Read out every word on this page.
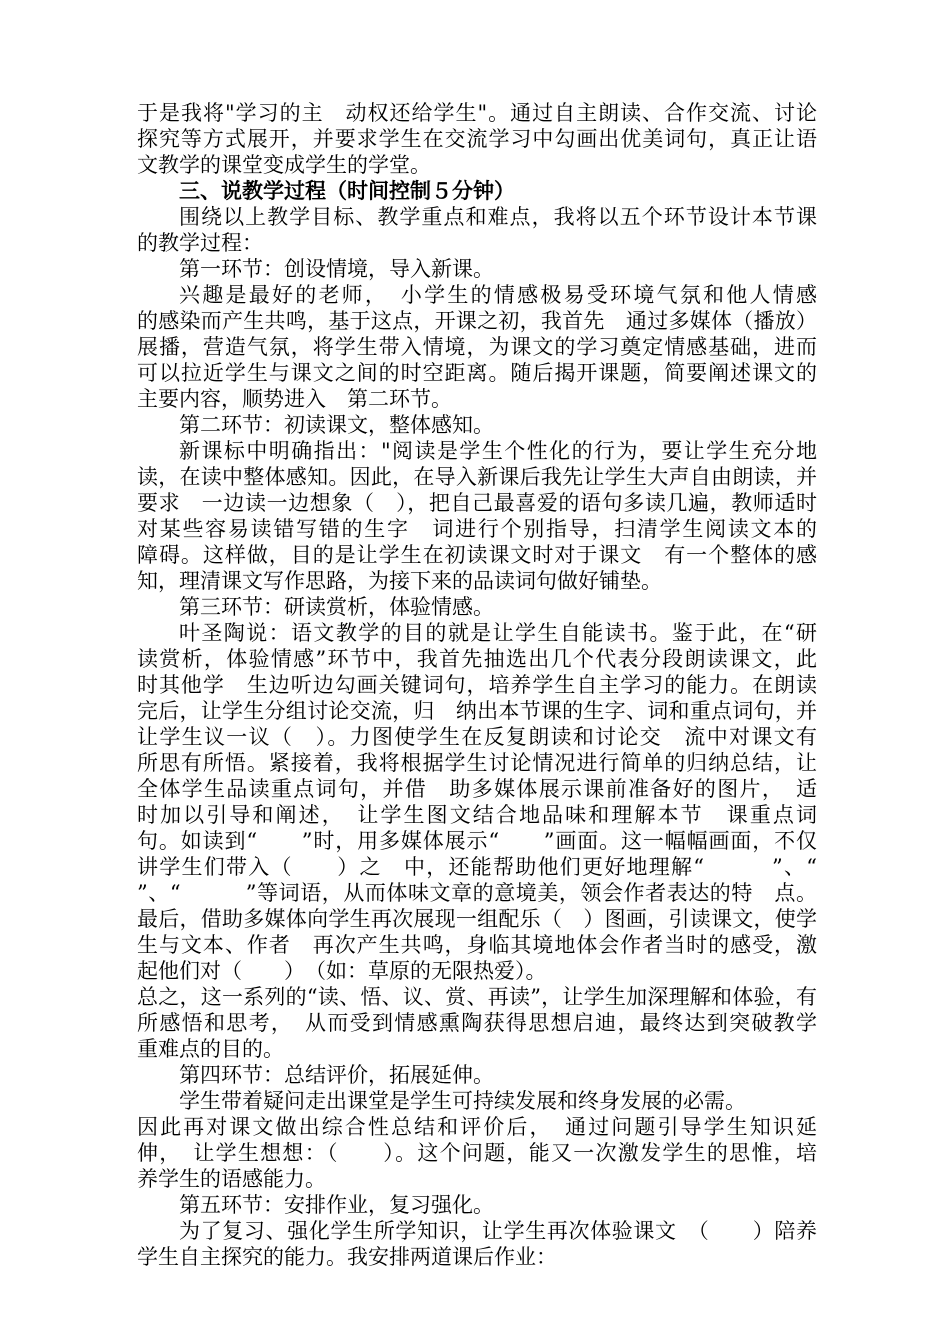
于是我将"学习的主　动权还给学生"。通过自主朗读、合作交流、讨论
探究等方式展开，并要求学生在交流学习中勾画出优美词句，真正让语
文教学的课堂变成学生的学堂。
三、说教学过程（时间控制５分钟）
围绕以上教学目标、教学重点和难点，我将以五个环节设计本节课
的教学过程：
第一环节：创设情境，导入新课。
兴趣是最好的老师，　小学生的情感极易受环境气氛和他人情感
的感染而产生共鸣，基于这点，开课之初，我首先　通过多媒体（播放）
展播，营造气氛，将学生带入情境，为课文的学习奠定情感基础，进而
可以拉近学生与课文之间的时空距离。随后揭开课题，简要阐述课文的
主要内容，顺势进入　第二环节。
第二环节：初读课文，整体感知。
新课标中明确指出："阅读是学生个性化的行为，要让学生充分地
读，在读中整体感知。因此，在导入新课后我先让学生大声自由朗读，并
要求　一边读一边想象（　），把自己最喜爱的语句多读几遍，教师适时
对某些容易读错写错的生字　词进行个别指导，扫清学生阅读文本的
障碍。这样做，目的是让学生在初读课文时对于课文　有一个整体的感
知，理清课文写作思路，为接下来的品读词句做好铺垫。
第三环节：研读赏析，体验情感。
叶圣陶说：语文教学的目的就是让学生自能读书。鉴于此，在“研
读赏析，体验情感”环节中，我首先抽选出几个代表分段朗读课文，此
时其他学　生边听边勾画关键词句，培养学生自主学习的能力。在朗读
完后，让学生分组讨论交流，归　纳出本节课的生字、词和重点词句，并
让学生议一议（　）。力图使学生在反复朗读和讨论交　流中对课文有
所思有所悟。紧接着，我将根据学生讨论情况进行简单的归纳总结，让
全体学生品读重点词句，并借　助多媒体展示课前准备好的图片，　适
时加以引导和阐述，　让学生图文结合地品味和理解本节　课重点词
句。如读到“　　”时，用多媒体展示“　　”画面。这一幅幅画面，不仅
讲学生们带入（　　）之　中，还能帮助他们更好地理解“　　　”、“
”、“　　　”等词语，从而体味文章的意境美，领会作者表达的特　点。
最后，借助多媒体向学生再次展现一组配乐（　）图画，引读课文，使学
生与文本、作者　再次产生共鸣，身临其境地体会作者当时的感受，激
起他们对（　　）　（如：草原的无限热爱）。
总之，这一系列的“读、悟、议、赏、再读”，让学生加深理解和体验，有
所感悟和思考，　从而受到情感熏陶获得思想启迪，最终达到突破教学
重难点的目的。
第四环节：总结评价，拓展延伸。
学生带着疑问走出课堂是学生可持续发展和终身发展的必需。
因此再对课文做出综合性总结和评价后，　通过问题引导学生知识延
伸，　让学生想想：（　　）。这个问题，能又一次激发学生的思惟，培
养学生的语感能力。
第五环节：安排作业，复习强化。
为了复习、强化学生所学知识，让学生再次体验课文　（　　）陪养
学生自主探究的能力。我安排两道课后作业：
